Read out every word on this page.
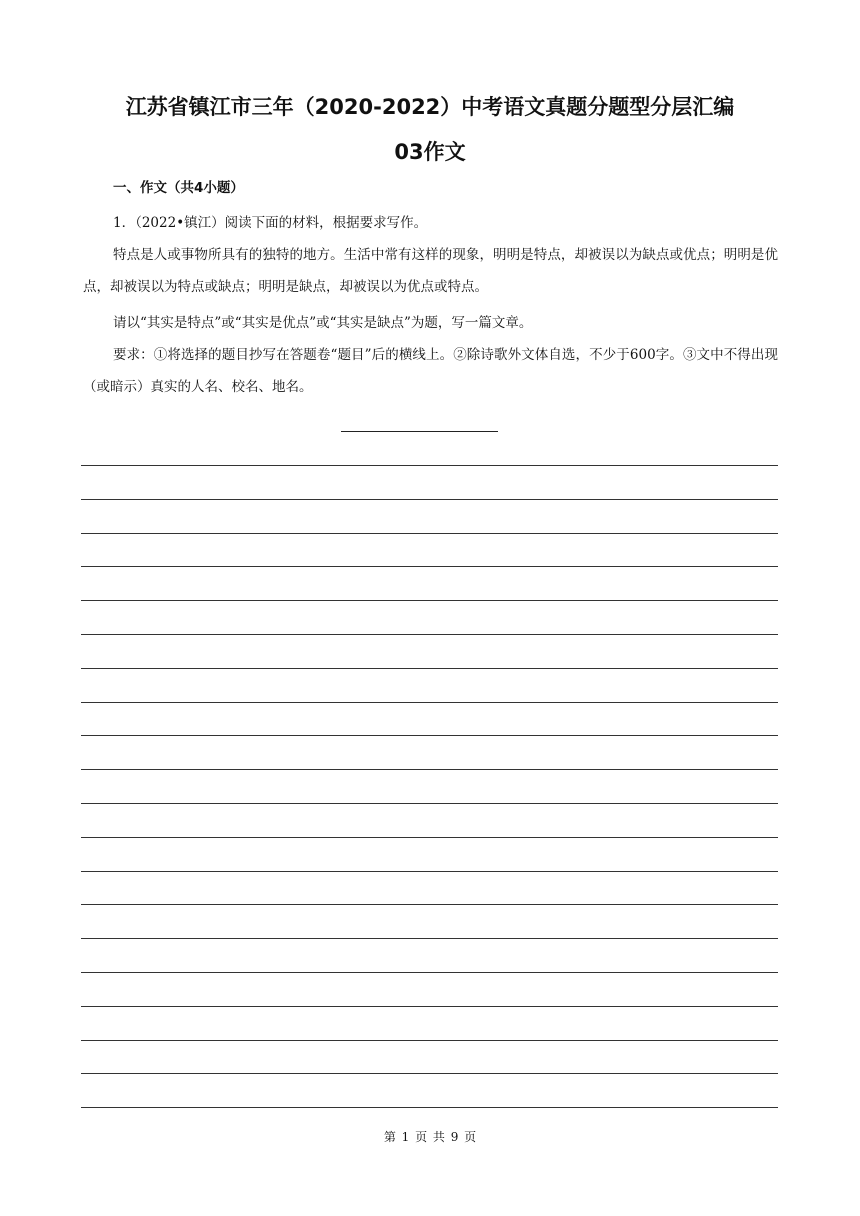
江苏省镇江市三年（2020-2022）中考语文真题分题型分层汇编
03作文

一、作文（共4小题）

1．（2022•镇江）阅读下面的材料，根据要求写作。

特点是人或事物所具有的独特的地方。生活中常有这样的现象，明明是特点，却被误以为缺点或优点；明明是优点，却被误以为特点或缺点；明明是缺点，却被误以为优点或特点。

请以“其实是特点”或“其实是优点”或“其实是缺点”为题，写一篇文章。

要求：①将选择的题目抄写在答题卷“题目”后的横线上。②除诗歌外文体自选，不少于600字。③文中不得出现（或暗示）真实的人名、校名、地名。

第 1 页 共 9 页
